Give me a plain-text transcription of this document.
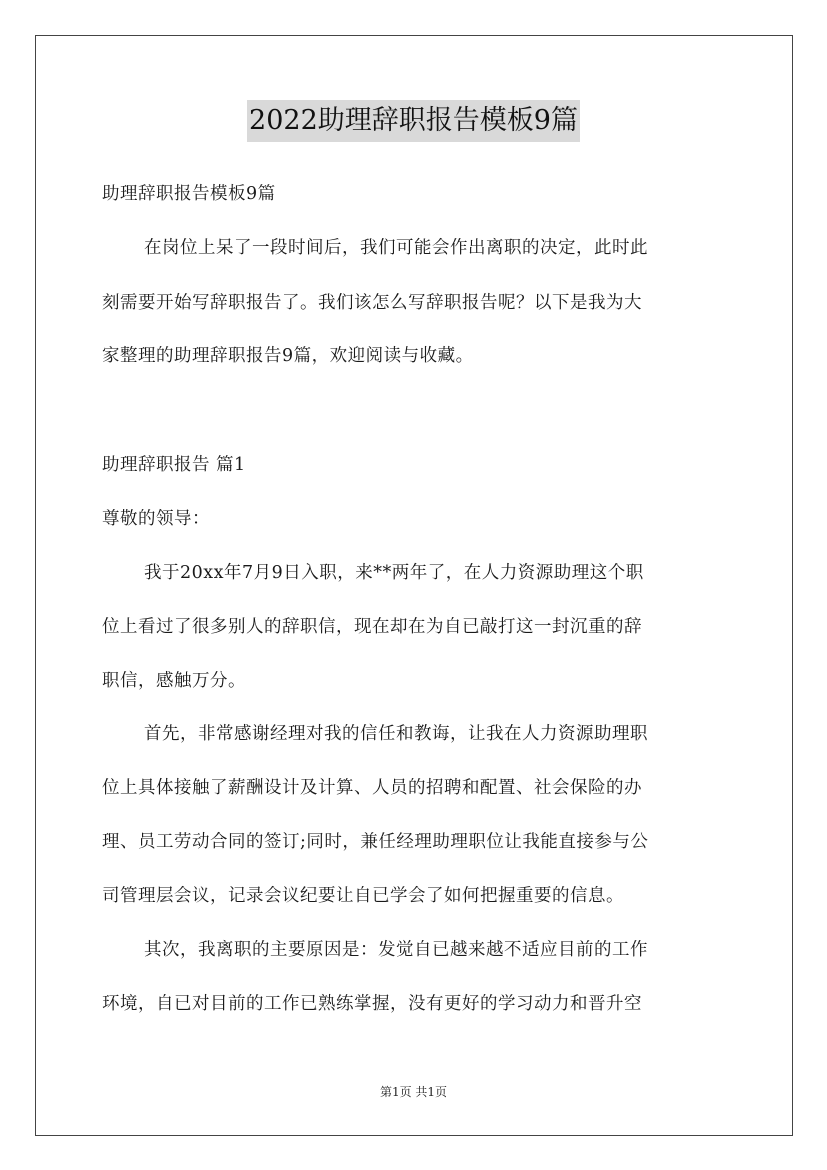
2022助理辞职报告模板9篇
助理辞职报告模板9篇
在岗位上呆了一段时间后，我们可能会作出离职的决定，此时此
刻需要开始写辞职报告了。我们该怎么写辞职报告呢？以下是我为大
家整理的助理辞职报告9篇，欢迎阅读与收藏。
助理辞职报告 篇1
尊敬的领导：
我于20xx年7月9日入职，来**两年了，在人力资源助理这个职
位上看过了很多别人的辞职信，现在却在为自已敲打这一封沉重的辞
职信，感触万分。
首先，非常感谢经理对我的信任和教诲，让我在人力资源助理职
位上具体接触了薪酬设计及计算、人员的招聘和配置、社会保险的办
理、员工劳动合同的签订;同时，兼任经理助理职位让我能直接参与公
司管理层会议，记录会议纪要让自已学会了如何把握重要的信息。
其次，我离职的主要原因是：发觉自已越来越不适应目前的工作
环境，自已对目前的工作已熟练掌握，没有更好的学习动力和晋升空
第1页 共1页
